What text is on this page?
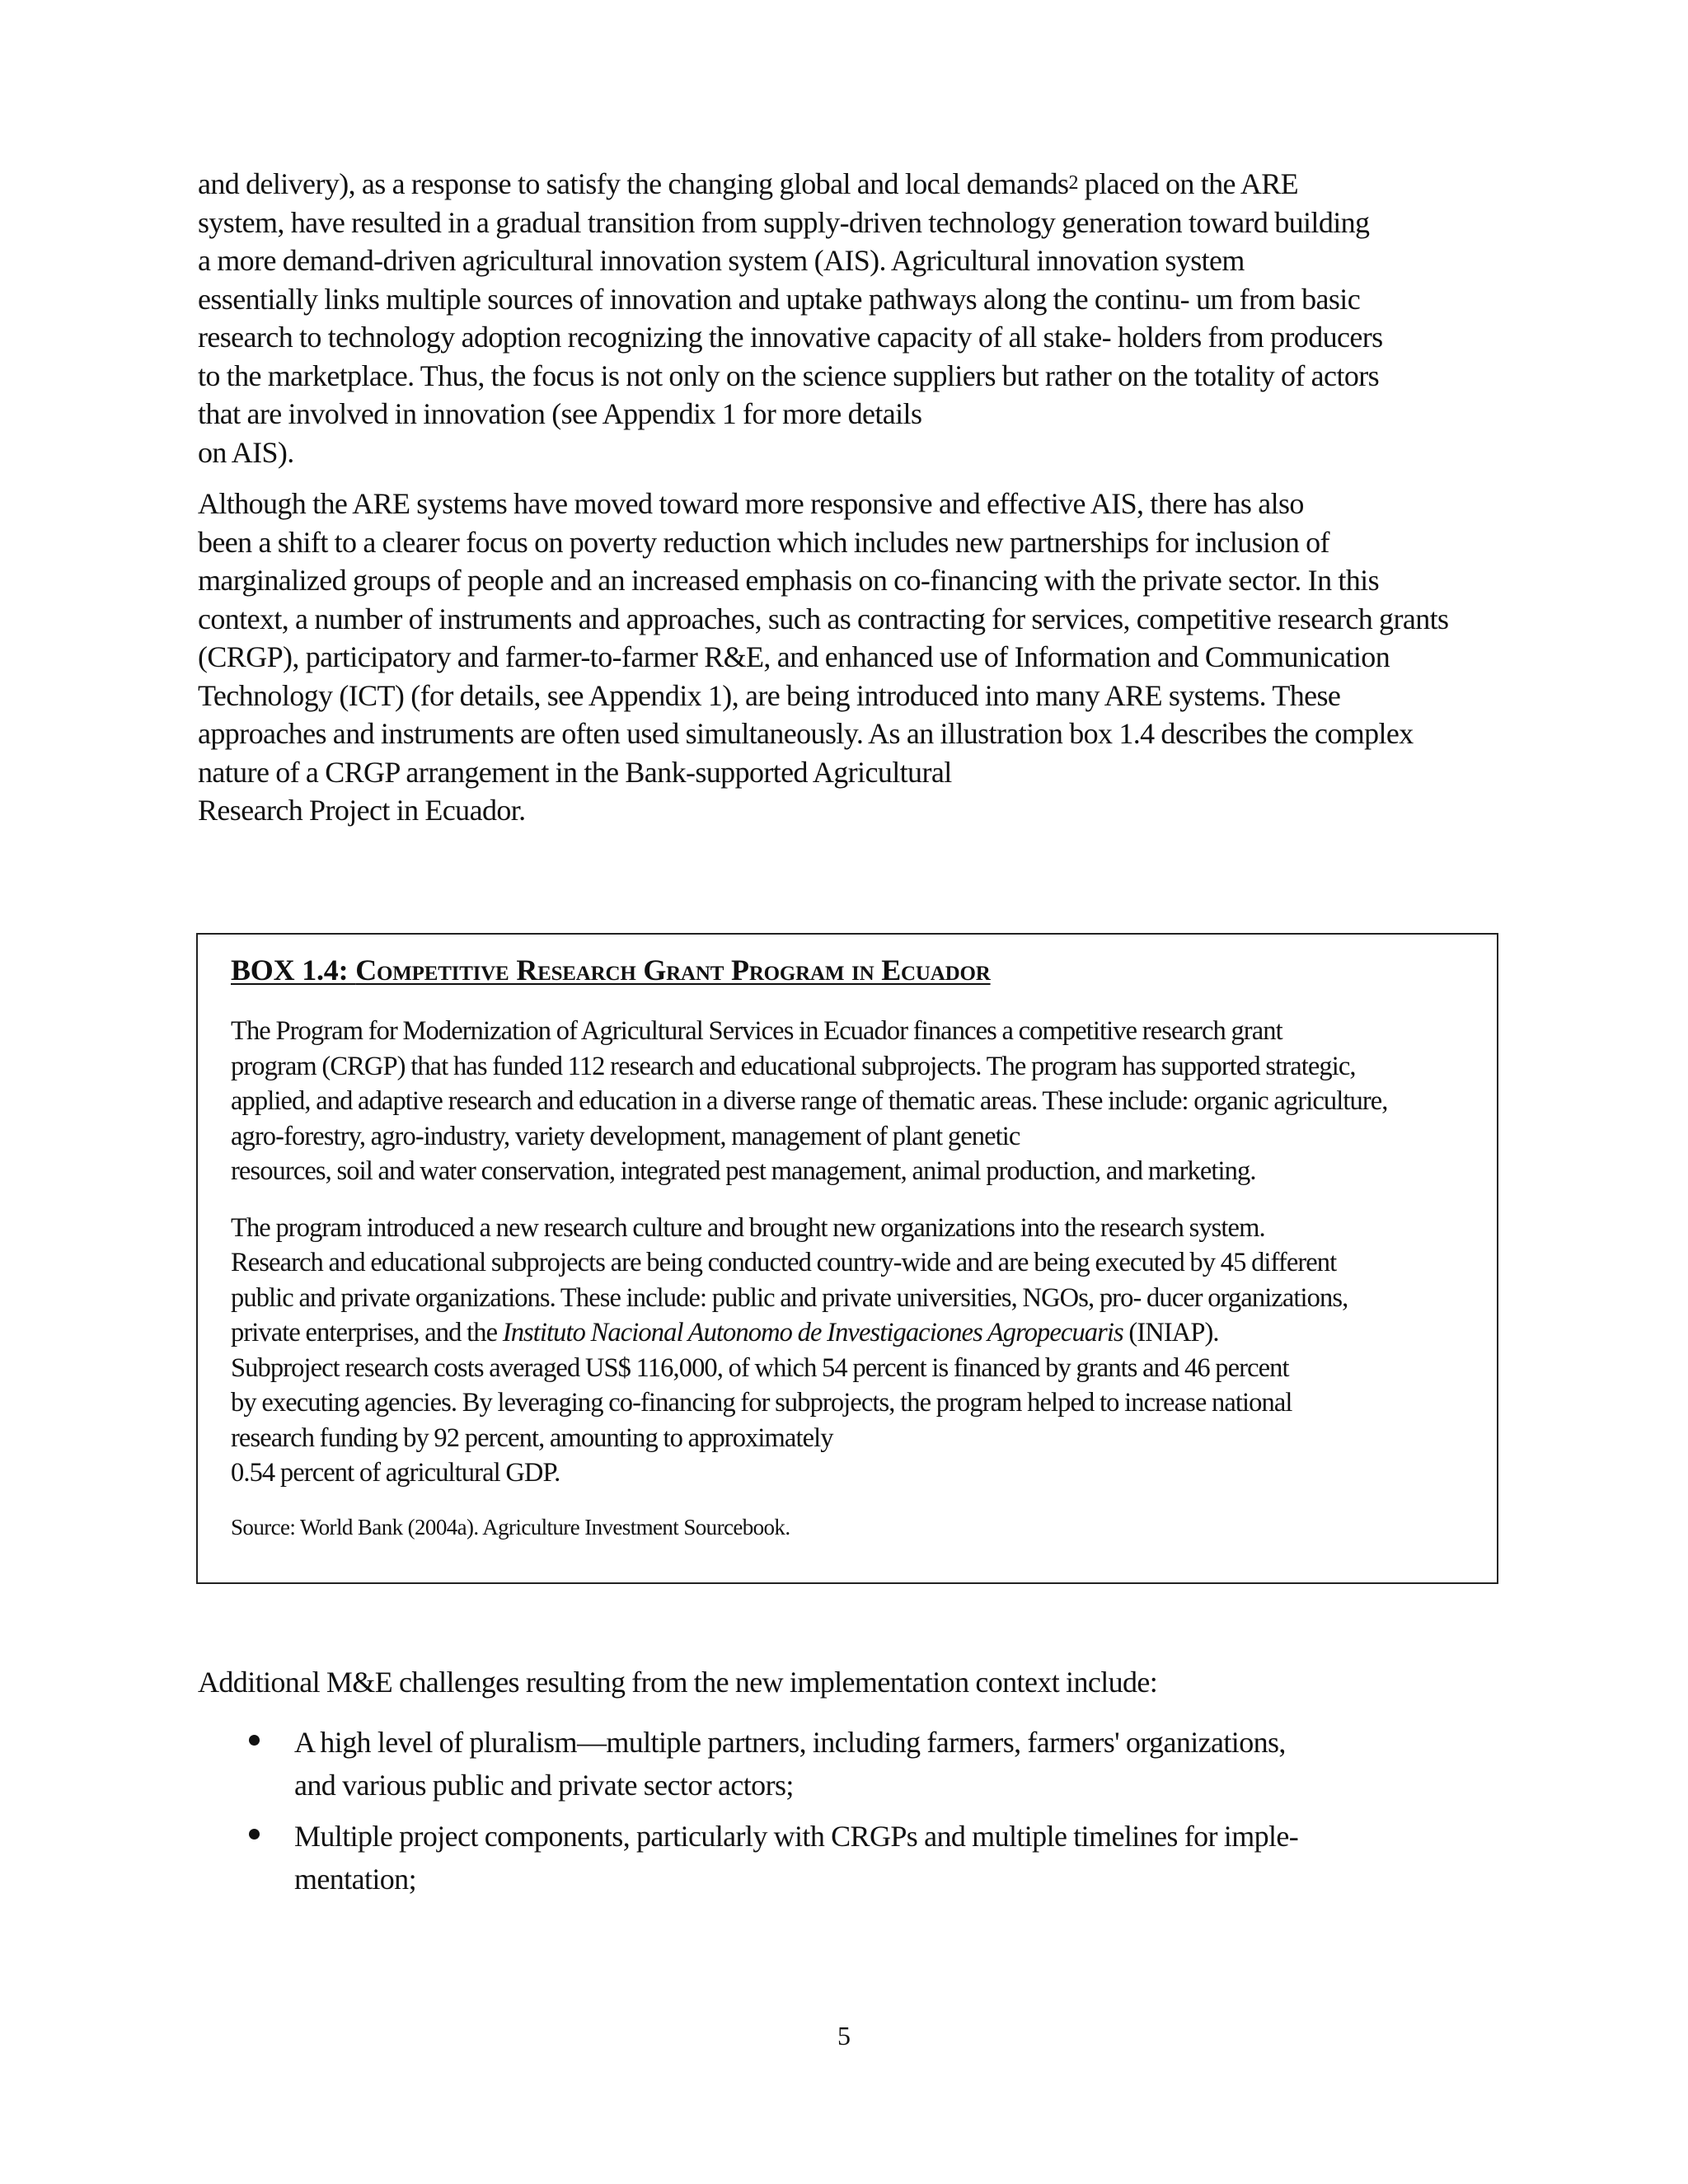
and delivery), as a response to satisfy the changing global and local demands$^2$ placed on the ARE
system, have resulted in a gradual transition from supply-driven technology generation toward building
a more demand-driven agricultural innovation system (AIS). Agricultural innovation system
essentially links multiple sources of innovation and uptake pathways along the continu- um from basic
research to technology adoption recognizing the innovative capacity of all stake- holders from producers
to the marketplace. Thus, the focus is not only on the science suppliers but rather on the totality of actors
that are involved in innovation (see Appendix 1 for more details
on AIS).

Although the ARE systems have moved toward more responsive and effective AIS, there has also
been a shift to a clearer focus on poverty reduction which includes new partnerships for inclusion of
marginalized groups of people and an increased emphasis on co-financing with the private sector. In this
context, a number of instruments and approaches, such as contracting for services, competitive research grants
(CRGP), participatory and farmer-to-farmer R&E, and enhanced use of Information and Communication
Technology (ICT) (for details, see Appendix 1), are being introduced into many ARE systems. These
approaches and instruments are often used simultaneously. As an illustration box 1.4 describes the complex
nature of a CRGP arrangement in the Bank-supported Agricultural
Research Project in Ecuador.

BOX 1.4: Competitive Research Grant Program in Ecuador

The Program for Modernization of Agricultural Services in Ecuador finances a competitive research grant
program (CRGP) that has funded 112 research and educational subprojects. The program has supported strategic,
applied, and adaptive research and education in a diverse range of thematic areas. These include: organic agriculture,
agro-forestry, agro-industry, variety development, management of plant genetic
resources, soil and water conservation, integrated pest management, animal production, and marketing.

The program introduced a new research culture and brought new organizations into the research system.
Research and educational subprojects are being conducted country-wide and are being executed by 45 different
public and private organizations. These include: public and private universities, NGOs, pro- ducer organizations,
private enterprises, and the Instituto Nacional Autonomo de Investigaciones Agropecuaris (INIAP).
Subproject research costs averaged US$ 116,000, of which 54 percent is financed by grants and 46 percent
by executing agencies. By leveraging co-financing for subprojects, the program helped to increase national
research funding by 92 percent, amounting to approximately
0.54 percent of agricultural GDP.

Source: World Bank (2004a). Agriculture Investment Sourcebook.

Additional M&E challenges resulting from the new implementation context include:

A high level of pluralism—multiple partners, including farmers, farmers' organizations,
and various public and private sector actors;
Multiple project components, particularly with CRGPs and multiple timelines for imple-
mentation;
5
